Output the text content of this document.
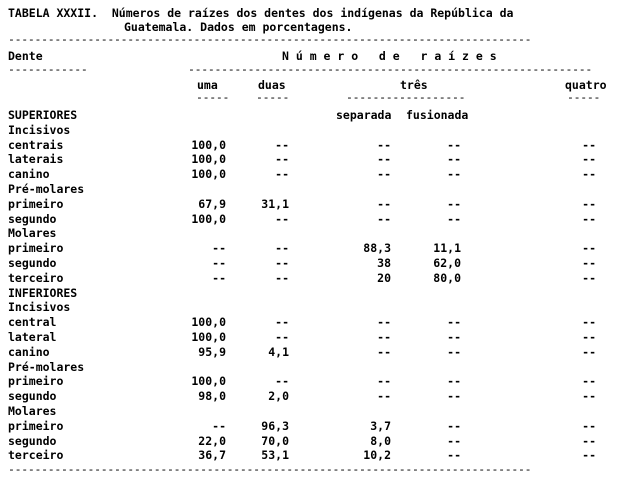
TABELA XXXII.  Números de raízes dos dentes dos indígenas da República da
Guatemala. Dados em porcentagens.
-------------------------------------------------------------------------------
Dente	N ú m e r o   d e   r a í z e s
------------	-------------------------------------------------------------
uma	duas	três	quatro
----- -----	------------------	-----
separada fusionada
SUPERIORES
Incisivos
centrais	100,0	--	--	--	--
laterais	100,0	--	--	--	--
canino	100,0	--	--	--	--
Pré-molares
primeiro	67,9	31,1	--	--	--
segundo	100,0	--	--	--	--
Molares
primeiro	--	--	88,3	11,1	--
segundo	--	--	38	62,0	--
terceiro	--	--	20	80,0	--
INFERIORES
Incisivos
central	100,0	--	--	--	--
lateral	100,0	--	--	--	--
canino	95,9	4,1	--	--	--
Pré-molares
primeiro	100,0	--	--	--	--
segundo	98,0	2,0	--	--	--
Molares
primeiro	--	96,3	3,7	--	--
segundo	22,0	70,0	8,0	--	--
terceiro	36,7	53,1	10,2	--	--
-------------------------------------------------------------------------------
